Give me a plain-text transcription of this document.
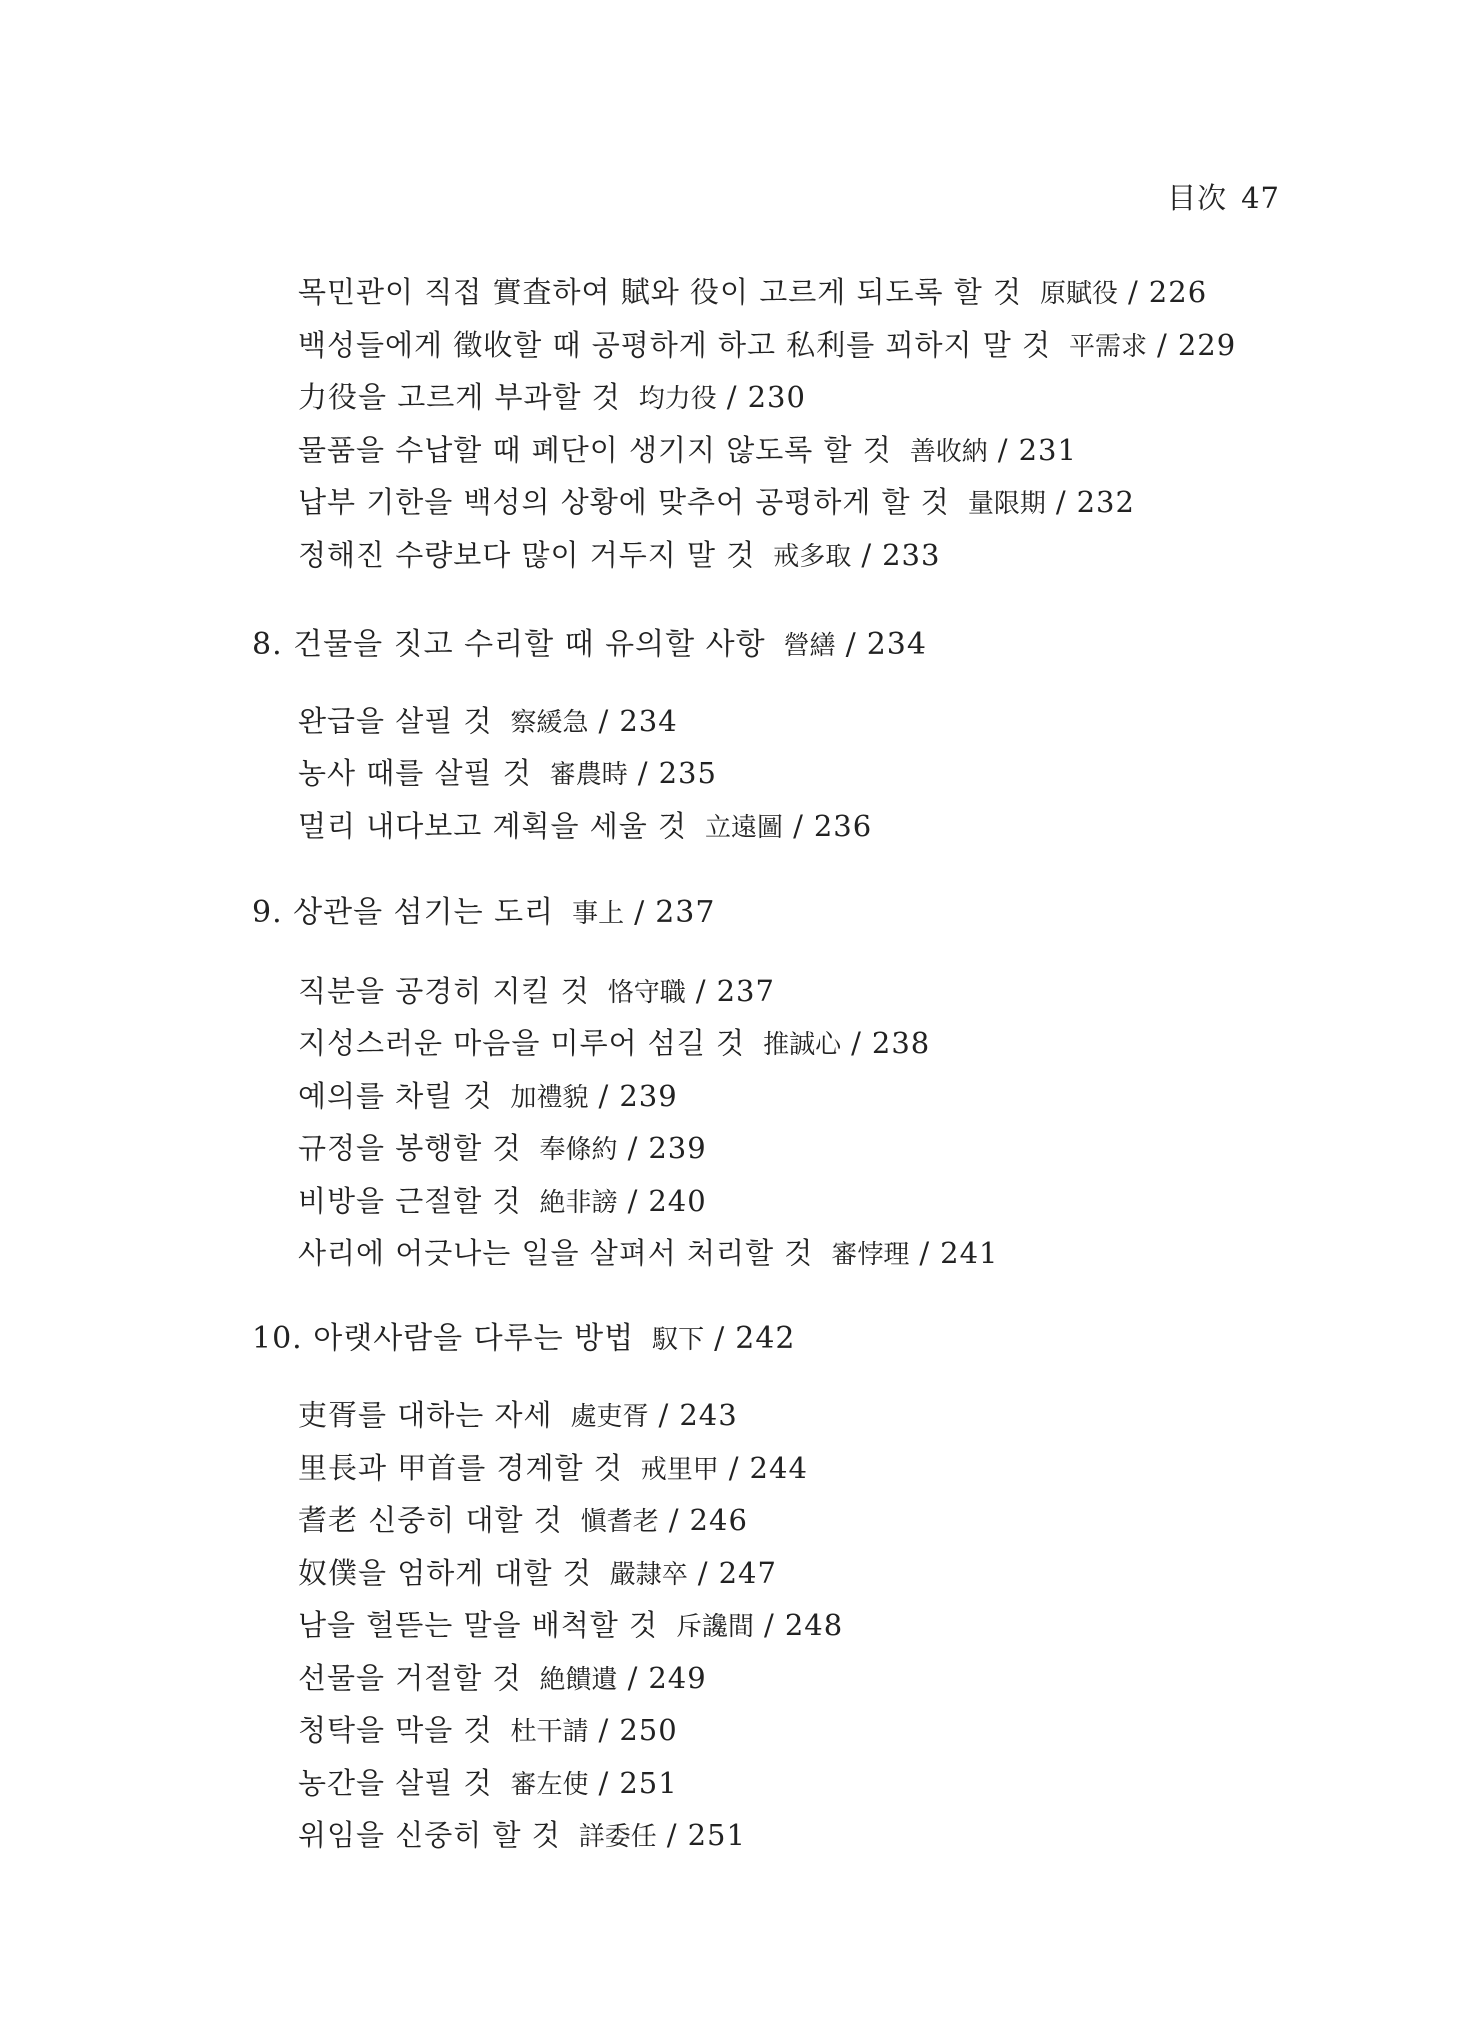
目次 47
목민관이 직접 實査하여 賦와 役이 고르게 되도록 할 것 原賦役 / 226
백성들에게 徵收할 때 공평하게 하고 私利를 꾀하지 말 것 平需求 / 229
力役을 고르게 부과할 것 均力役 / 230
물품을 수납할 때 폐단이 생기지 않도록 할 것 善收納 / 231
납부 기한을 백성의 상황에 맞추어 공평하게 할 것 量限期 / 232
정해진 수량보다 많이 거두지 말 것 戒多取 / 233
8. 건물을 짓고 수리할 때 유의할 사항 營繕 / 234
완급을 살필 것 察緩急 / 234
농사 때를 살필 것 審農時 / 235
멀리 내다보고 계획을 세울 것 立遠圖 / 236
9. 상관을 섬기는 도리 事上 / 237
직분을 공경히 지킬 것 恪守職 / 237
지성스러운 마음을 미루어 섬길 것 推誠心 / 238
예의를 차릴 것 加禮貌 / 239
규정을 봉행할 것 奉條約 / 239
비방을 근절할 것 絶非謗 / 240
사리에 어긋나는 일을 살펴서 처리할 것 審悖理 / 241
10. 아랫사람을 다루는 방법 馭下 / 242
吏胥를 대하는 자세 處吏胥 / 243
里長과 甲首를 경계할 것 戒里甲 / 244
耆老 신중히 대할 것 愼耆老 / 246
奴僕을 엄하게 대할 것 嚴隷卒 / 247
남을 헐뜯는 말을 배척할 것 斥讒間 / 248
선물을 거절할 것 絶饋遺 / 249
청탁을 막을 것 杜干請 / 250
농간을 살필 것 審左使 / 251
위임을 신중히 할 것 詳委任 / 251
